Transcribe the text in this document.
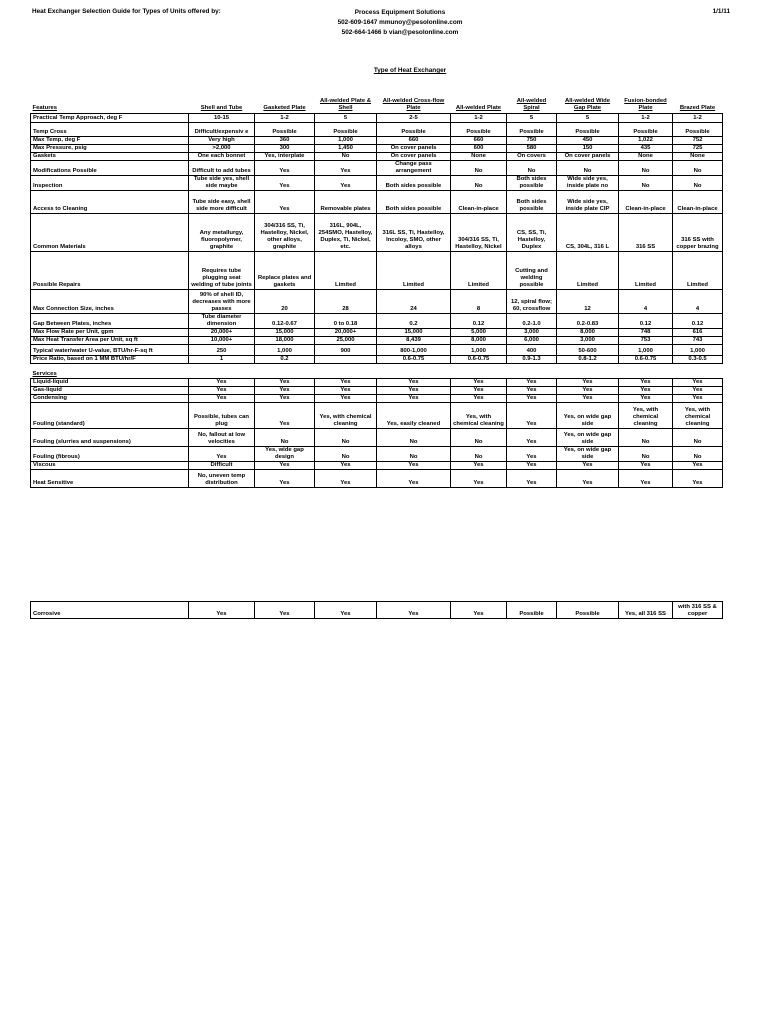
Heat Exchanger Selection Guide for Types of Units offered by:	Process Equipment Solutions
502-609-1647 mmunoy@pesolonline.com
502-664-1466 b vian@pesolonline.com
1/1/11
Type of Heat Exchanger
Features	Shell and Tube	Gasketed Plate	All-welded Plate & Shell	All-welded Cross-flow Plate	All-welded Plate	All-welded Spiral	All-welded Wide Gap Plate	Fusion-bonded Plate	Brazed Plate
Practical Temp Approach, deg F	10-15	1-2	5	2-5	1-2	5	5	1-2	1-2
Temp Cross	Difficult/expensiv e	Possible	Possible	Possible	Possible	Possible	Possible	Possible	Possible
Max Temp, deg F	Very high	360	1,000	660	660	750	450	1,022	752
Max Pressure, psig	>2,000	300	1,450	On cover panels	600	580	150	435	725
Gaskets	One each bonnet	Yes, interplate	No	On cover panels	None	On covers	On cover panels	None	None
Modifications Possible	Difficult to add tubes	Yes	Yes	Change pass arrangement	No	No	No	No	No
Inspection	Tube side yes, shell side maybe	Yes	Yes	Both sides possible	No	Both sides possible	Wide side yes, inside plate no	No	No
Access to Cleaning	Tube side easy, shell side more difficult	Yes	Removable plates	Both sides possible	Clean-in-place	Both sides possible	Wide side yes, inside plate CIP	Clean-in-place	Clean-in-place
Common Materials	Any metallurgy, fluoropolymer, graphite	304/316 SS, Ti, Hastelloy, Nickel, other alloys, graphite	316L, 904L, 254SMO, Hastelloy, Duplex, Ti, Nickel, etc.	316L SS, Ti, Hastelloy, Incoloy, SMO, other alloys	304/316 SS, Ti, Hastelloy, Nickel	CS, SS, Ti, Hastelloy, Duplex	CS, 304L, 316 L	316 SS	316 SS with copper brazing
Possible Repairs	Requires tube plugging seat welding of tube joints	Replace plates and gaskets	Limited	Limited	Limited	Cutting and welding possible	Limited	Limited	Limited
Max Connection Size, inches	90% of shell ID, decreases with more passes	20	28	24	8	12, spiral flow; 60, crossflow	12	4	4
Gap Between Plates, inches	Tube diameter dimension	0.12-0.67	0 to 0.18	0.2	0.12	0.2-1.0	0.2-0.83	0.12	0.12
Max Flow Rate per Unit, gpm	20,000+	15,000	20,000+	15,000	5,000	3,000	8,000	748	616
Max Heat Transfer Area per Unit, sq ft	10,000+	18,000	25,000	8,439	8,000	6,000	3,000	753	743
Typical water/water U-value, BTU/hr-F-sq ft	250	1,000	900	800-1,000	1,000	400	50-600	1,000	1,000
Price Ratio, based on 1 MM BTU/hr/F	1	0.2		0.6-0.75	0.6-0.75	0.9-1.3	0.8-1.2	0.6-0.75	0.3-0.5

Services									
Liquid-liquid	Yes	Yes	Yes	Yes	Yes	Yes	Yes	Yes	Yes
Gas-liquid	Yes	Yes	Yes	Yes	Yes	Yes	Yes	Yes	Yes
Condensing	Yes	Yes	Yes	Yes	Yes	Yes	Yes	Yes	Yes
Fouling (standard)	Possible, tubes can plug	Yes	Yes, with chemical cleaning	Yes, easily cleaned	Yes, with chemical cleaning	Yes	Yes, on wide gap side	Yes, with chemical cleaning	Yes, with chemical cleaning
Fouling (slurries and suspensions)	No, fallout at low velocities	No	No	No	No	Yes	Yes, on wide gap side	No	No
Fouling (fibrous)	Yes	Yes, wide gap design	No	No	No	Yes	Yes, on wide gap side	No	No
Viscous	Difficult	Yes	Yes	Yes	Yes	Yes	Yes	Yes	Yes
Heat Sensitive	No, uneven temp distribution	Yes	Yes	Yes	Yes	Yes	Yes	Yes	Yes
Corrosive	Yes	Yes	Yes	Yes	Yes	Possible	Possible	Yes, all 316 SS	with 316 SS & copper
